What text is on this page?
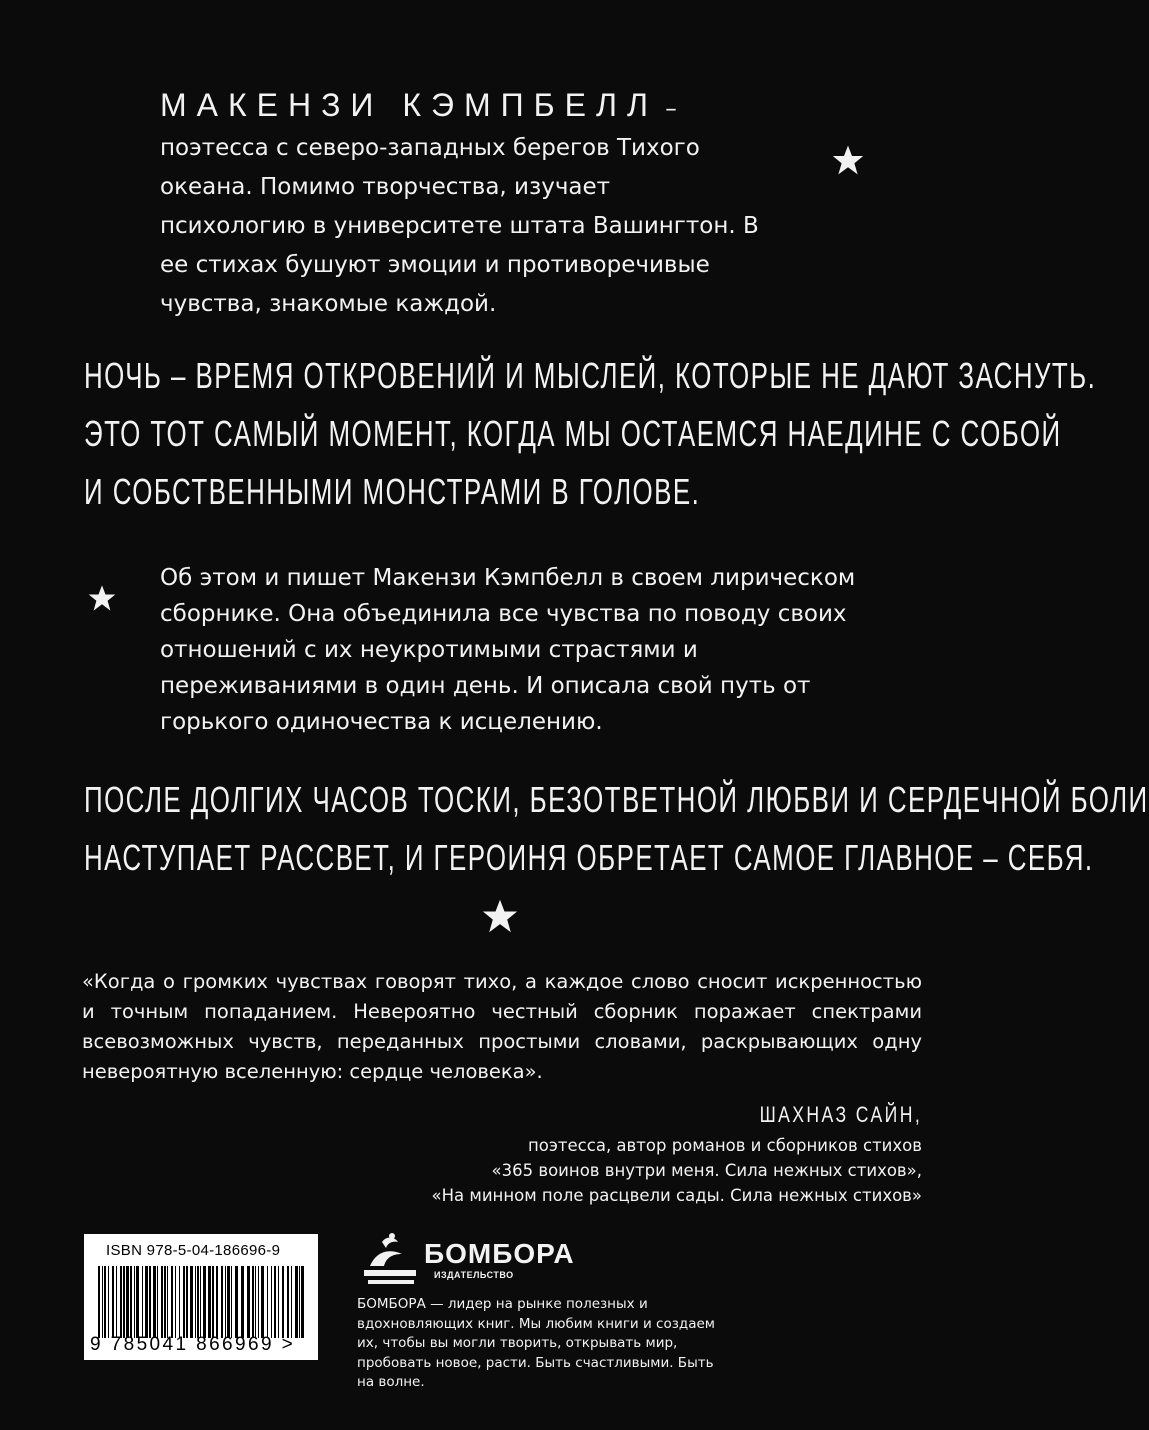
МАКЕНЗИ КЭМПБЕЛЛ – поэтесса с северо-западных берегов Тихого океана. Помимо творчества, изучает психологию в университете штата Вашингтон. В ее стихах бушуют эмоции и противоречивые чувства, знакомые каждой.

НОЧЬ – ВРЕМЯ ОТКРОВЕНИЙ И МЫСЛЕЙ, КОТОРЫЕ НЕ ДАЮТ ЗАСНУТЬ.
ЭТО ТОТ САМЫЙ МОМЕНТ, КОГДА МЫ ОСТАЕМСЯ НАЕДИНЕ С СОБОЙ
И СОБСТВЕННЫМИ МОНСТРАМИ В ГОЛОВЕ.

Об этом и пишет Макензи Кэмпбелл в своем лирическом сборнике. Она объединила все чувства по поводу своих отношений с их неукротимыми страстями и переживаниями в один день. И описала свой путь от горького одиночества к исцелению.

ПОСЛЕ ДОЛГИХ ЧАСОВ ТОСКИ, БЕЗОТВЕТНОЙ ЛЮБВИ И СЕРДЕЧНОЙ БОЛИ
НАСТУПАЕТ РАССВЕТ, И ГЕРОИНЯ ОБРЕТАЕТ САМОЕ ГЛАВНОЕ – СЕБЯ.

«Когда о громких чувствах говорят тихо, а каждое слово сносит искренностью и точным попаданием. Невероятно честный сборник поражает спектрами всевозможных чувств, переданных простыми словами, раскрывающих одну невероятную вселенную: сердце человека».

ШАХНАЗ САЙН,
поэтесса, автор романов и сборников стихов
«365 воинов внутри меня. Сила нежных стихов»,
«На минном поле расцвели сады. Сила нежных стихов»
ISBN 978-5-04-186696-9
9 785041 866969 >
БОМБОРА
ИЗДАТЕЛЬСТВО

БОМБОРА — лидер на рынке полезных и вдохновляющих книг. Мы любим книги и создаем их, чтобы вы могли творить, открывать мир, пробовать новое, расти. Быть счастливыми. Быть на волне.
